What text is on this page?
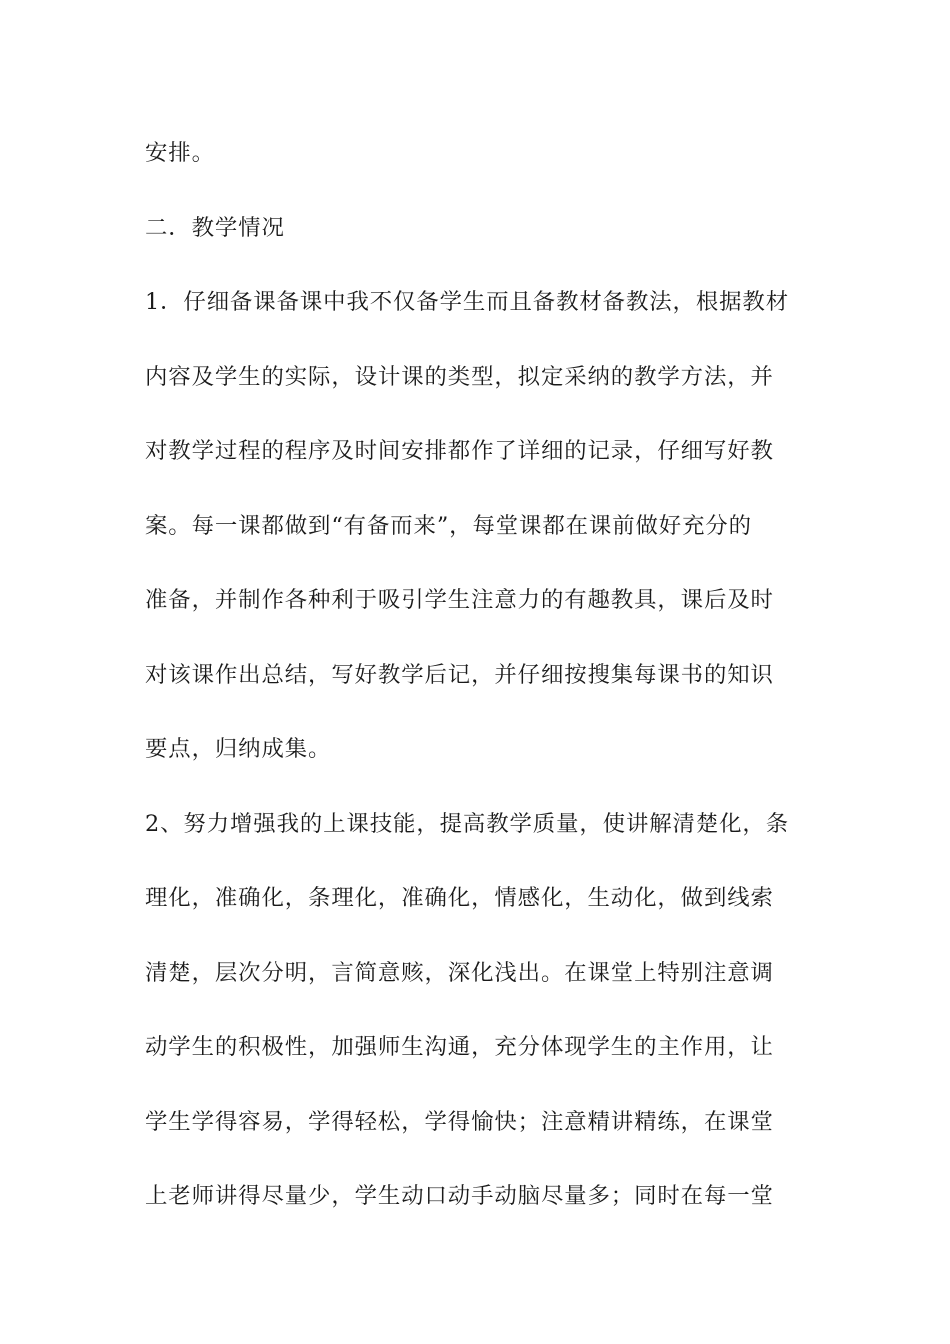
安排。
二．教学情况
1．仔细备课备课中我不仅备学生而且备教材备教法，根据教材
内容及学生的实际，设计课的类型，拟定采纳的教学方法，并
对教学过程的程序及时间安排都作了详细的记录，仔细写好教
案。每一课都做到“有备而来”，每堂课都在课前做好充分的
准备，并制作各种利于吸引学生注意力的有趣教具，课后及时
对该课作出总结，写好教学后记，并仔细按搜集每课书的知识
要点，归纳成集。
2、努力增强我的上课技能，提高教学质量，使讲解清楚化，条
理化，准确化，条理化，准确化，情感化，生动化，做到线索
清楚，层次分明，言简意赅，深化浅出。在课堂上特别注意调
动学生的积极性，加强师生沟通，充分体现学生的主作用，让
学生学得容易，学得轻松，学得愉快；注意精讲精练，在课堂
上老师讲得尽量少，学生动口动手动脑尽量多；同时在每一堂
